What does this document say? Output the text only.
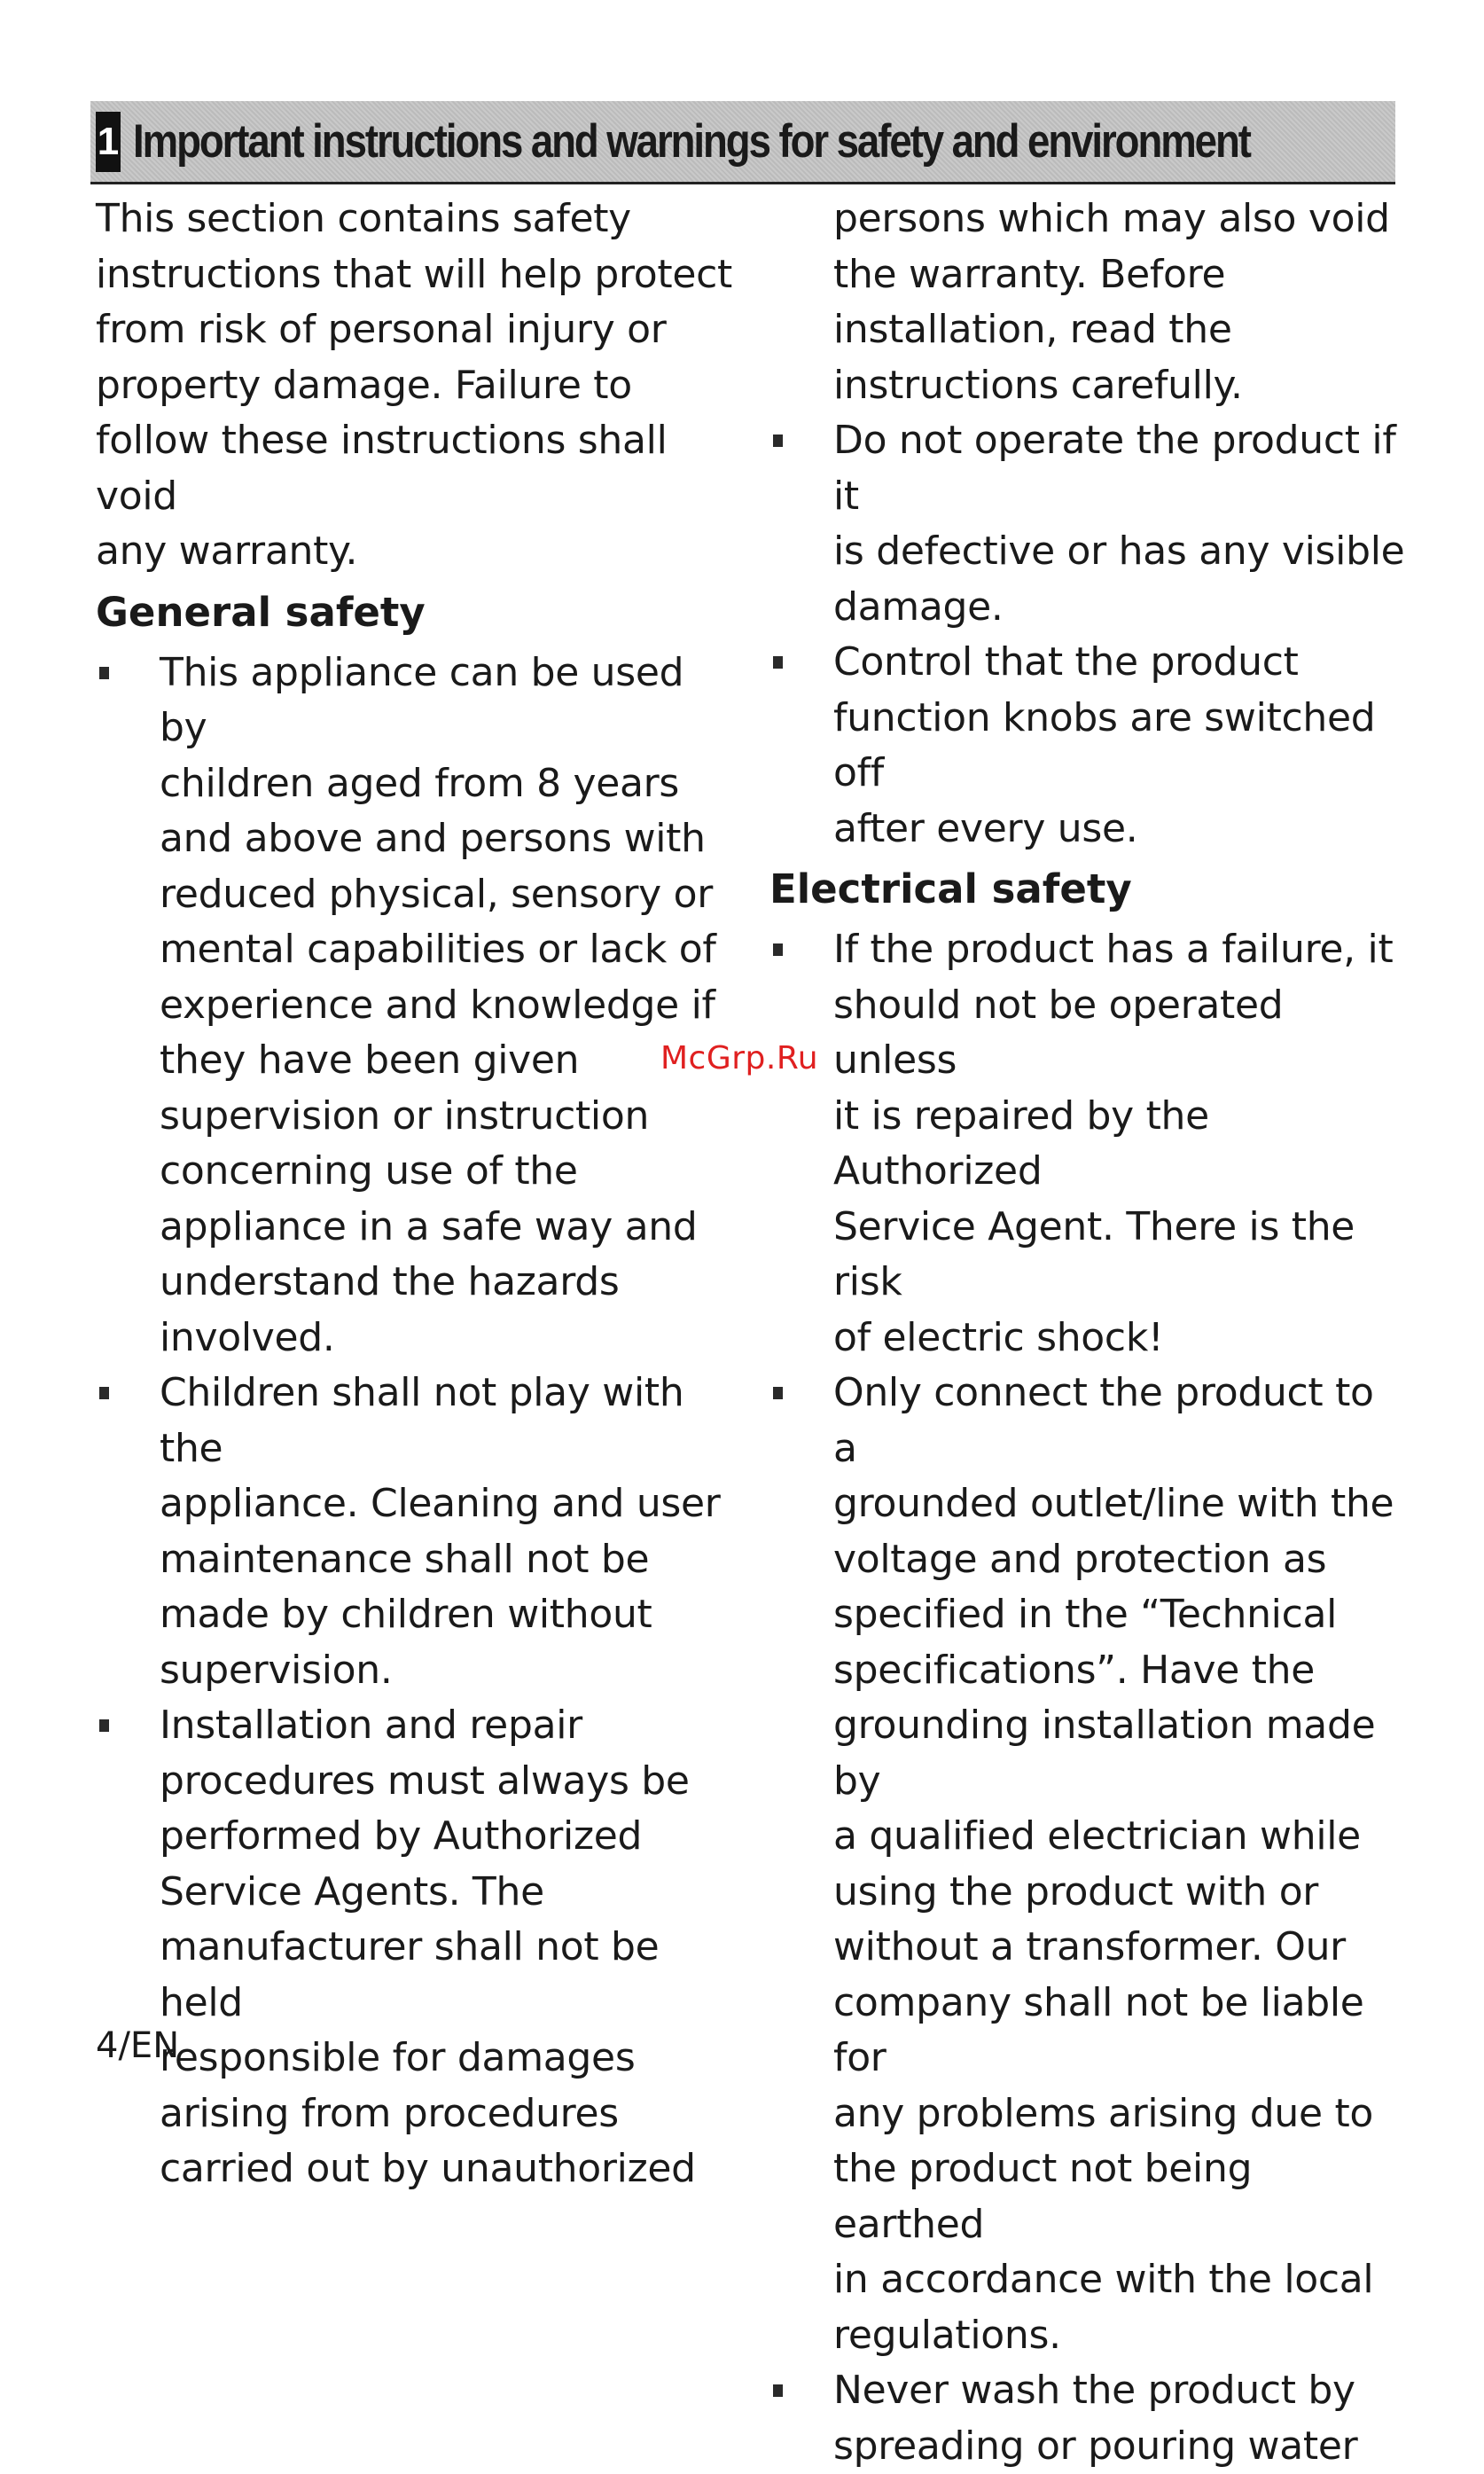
1 Important instructions and warnings for safety and environment

This section contains safety
instructions that will help protect
from risk of personal injury or
property damage. Failure to
follow these instructions shall void
any warranty.

General safety
This appliance can be used by
children aged from 8 years
and above and persons with
reduced physical, sensory or
mental capabilities or lack of
experience and knowledge if
they have been given
supervision or instruction
concerning use of the
appliance in a safe way and
understand the hazards
involved.
Children shall not play with the
appliance. Cleaning and user
maintenance shall not be
made by children without
supervision.
Installation and repair
procedures must always be
performed by Authorized
Service Agents. The
manufacturer shall not be held
responsible for damages
arising from procedures
carried out by unauthorized

persons which may also void
the warranty. Before
installation, read the
instructions carefully.

Do not operate the product if it
is defective or has any visible
damage.
Control that the product
function knobs are switched off
after every use.
Electrical safety
If the product has a failure, it
should not be operated unless
it is repaired by the Authorized
Service Agent. There is the risk
of electric shock!
Only connect the product to a
grounded outlet/line with the
voltage and protection as
specified in the “Technical
specifications”. Have the
grounding installation made by
a qualified electrician while
using the product with or
without a transformer. Our
company shall not be liable for
any problems arising due to
the product not being earthed
in accordance with the local
regulations.
Never wash the product by
spreading or pouring water
McGrp.Ru
4/EN
